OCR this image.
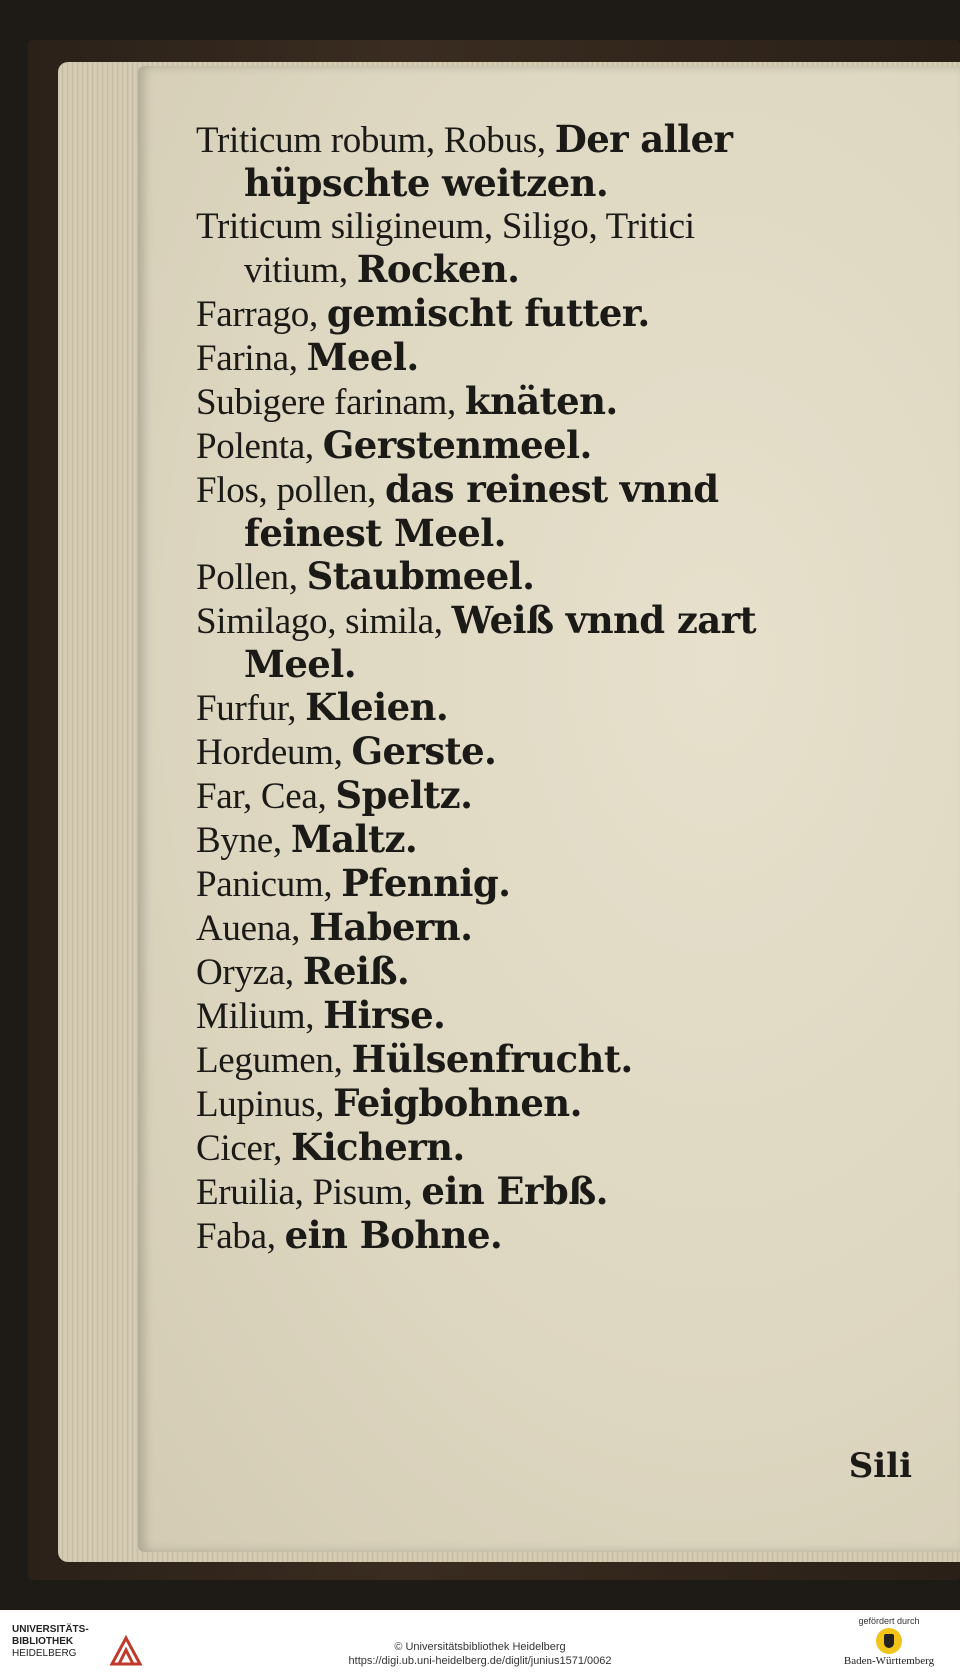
Triticum robum, Robus, Der aller hüpschte weitzen.

Triticum siligineum, Siligo, Tritici vitium, Rocken.

Farrago, gemischt futter.

Farina, Meel.

Subigere farinam, knäten.

Polenta, Gerstenmeel.

Flos, pollen, das reinest vnnd feinest Meel.

Pollen, Staubmeel.

Similago, simila, Weiß vnnd zart Meel.

Furfur, Kleien.

Hordeum, Gerste.

Far, Cea, Speltz.

Byne, Maltz.

Panicum, Pfennig.

Auena, Habern.

Oryza, Reiß.

Milium, Hirse.

Legumen, Hülsenfrucht.

Lupinus, Feigbohnen.

Cicer, Kichern.

Eruilia, Pisum, ein Erbß.

Faba, ein Bohne.

Sili
UNIVERSITÄTS-
BIBLIOTHEK
HEIDELBERG
© Universitätsbibliothek Heidelberg
https://digi.ub.uni-heidelberg.de/diglit/junius1571/0062
gefördert durch
Baden-Württemberg
